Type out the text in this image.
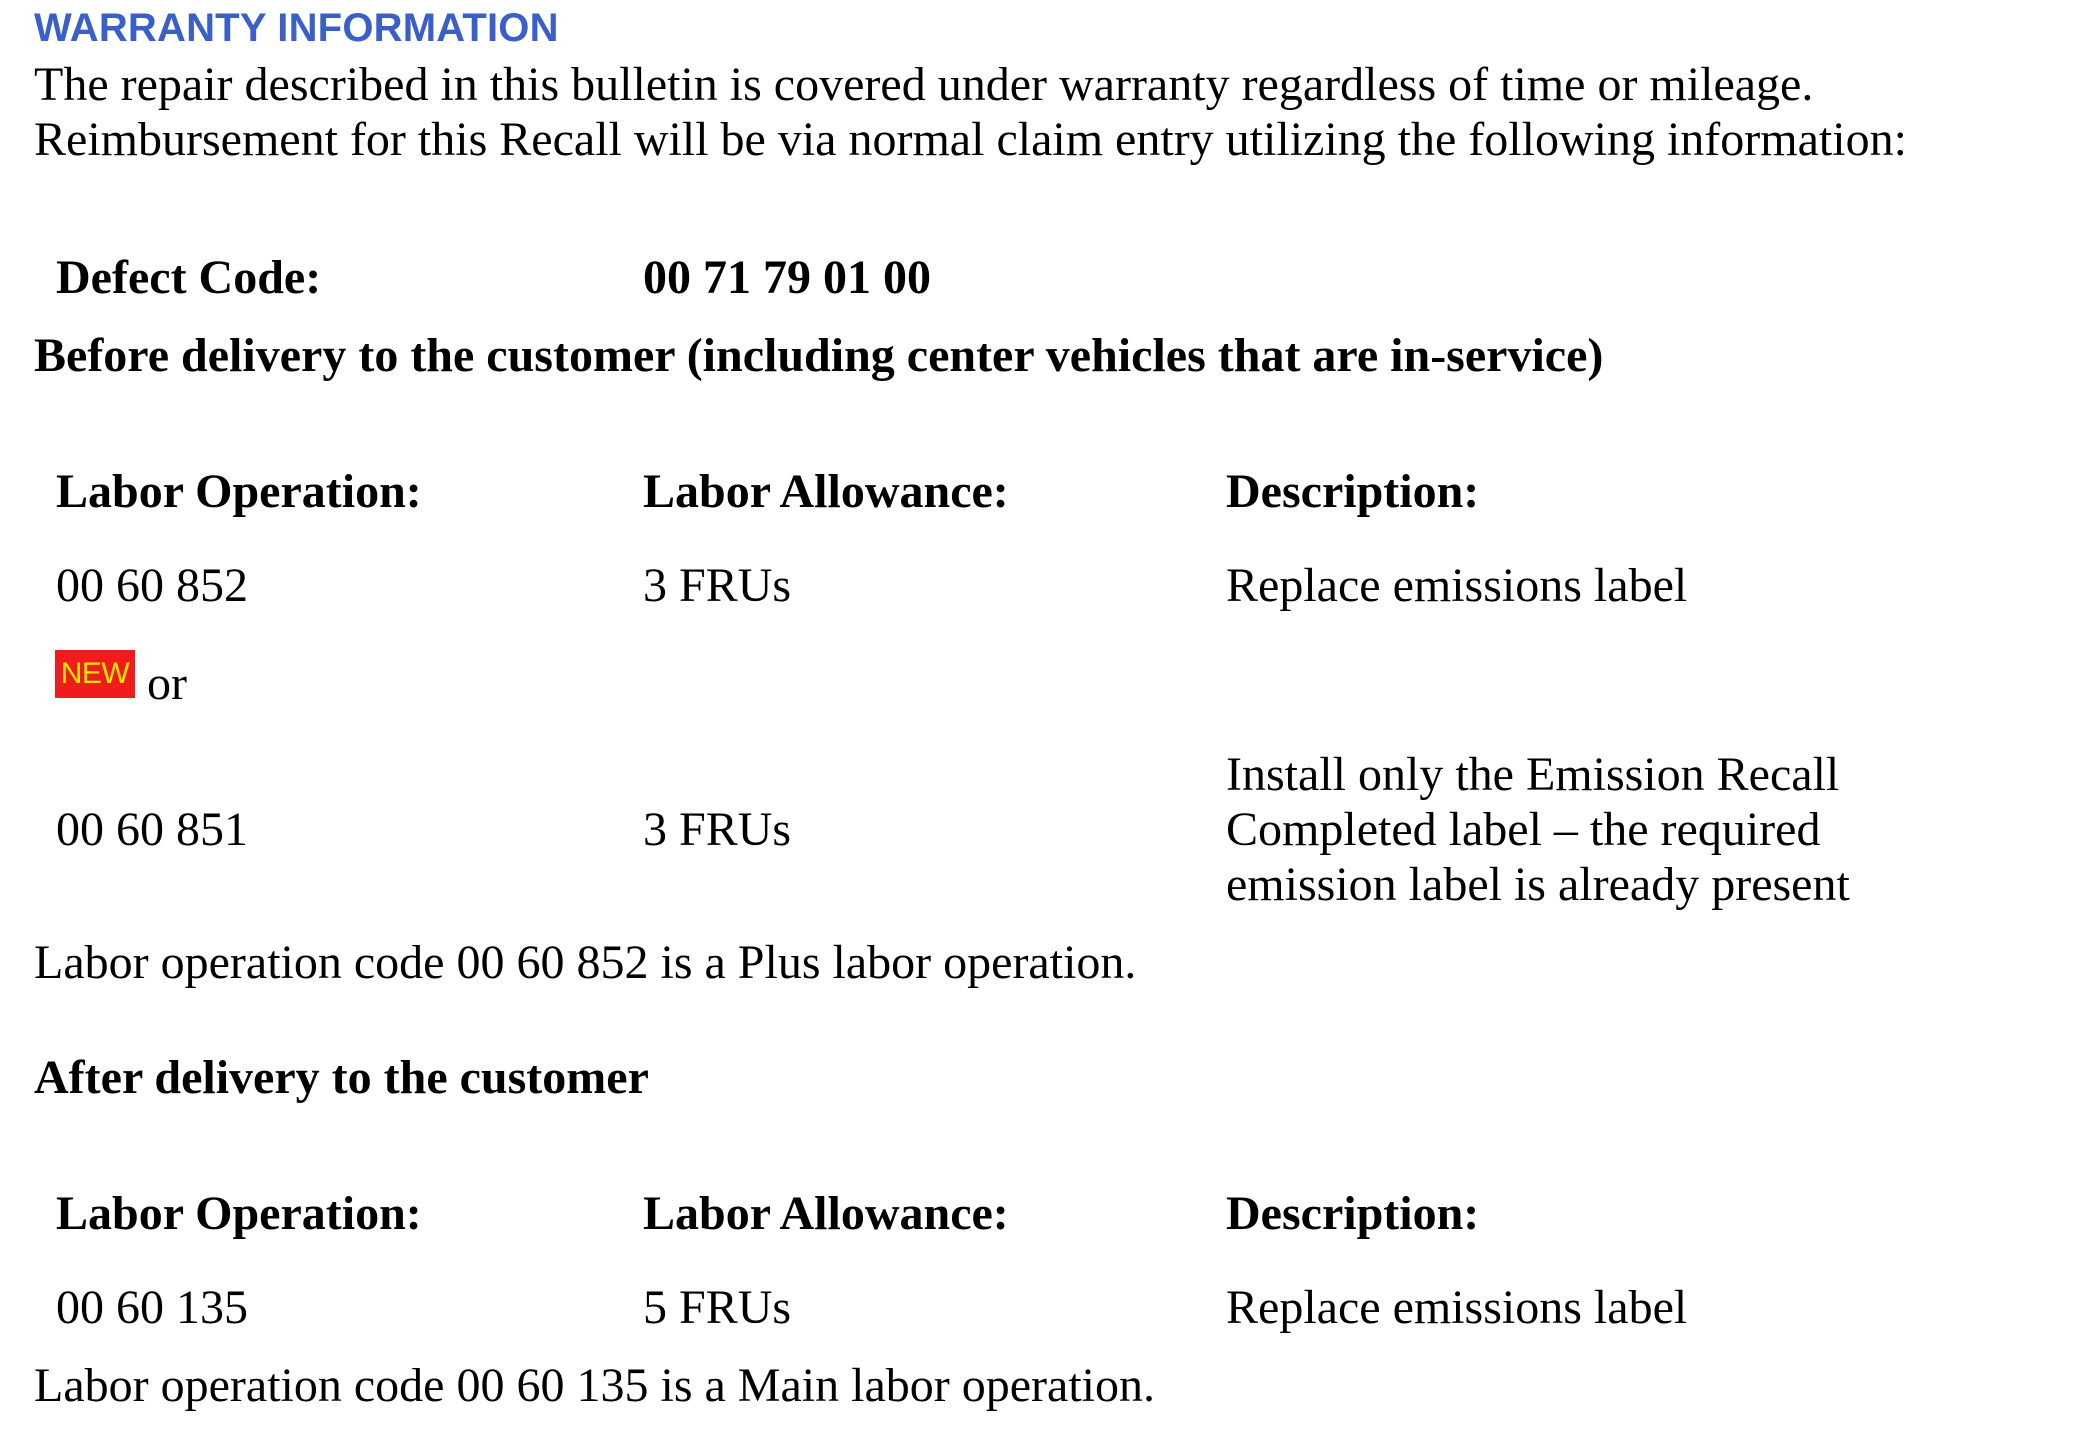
WARRANTY INFORMATION
The repair described in this bulletin is covered under warranty regardless of time or mileage.
Reimbursement for this Recall will be via normal claim entry utilizing the following information:
Defect Code:	00 71 79 01 00
Before delivery to the customer (including center vehicles that are in-service)
Labor Operation:	Labor Allowance:	Description:
00 60 852	3 FRUs	Replace emissions label
NEW or
00 60 851	3 FRUs
Install only the Emission Recall
Completed label – the required
emission label is already present
Labor operation code 00 60 852 is a Plus labor operation.
After delivery to the customer
Labor Operation:	Labor Allowance:	Description:
00 60 135	5 FRUs	Replace emissions label
Labor operation code 00 60 135 is a Main labor operation.
